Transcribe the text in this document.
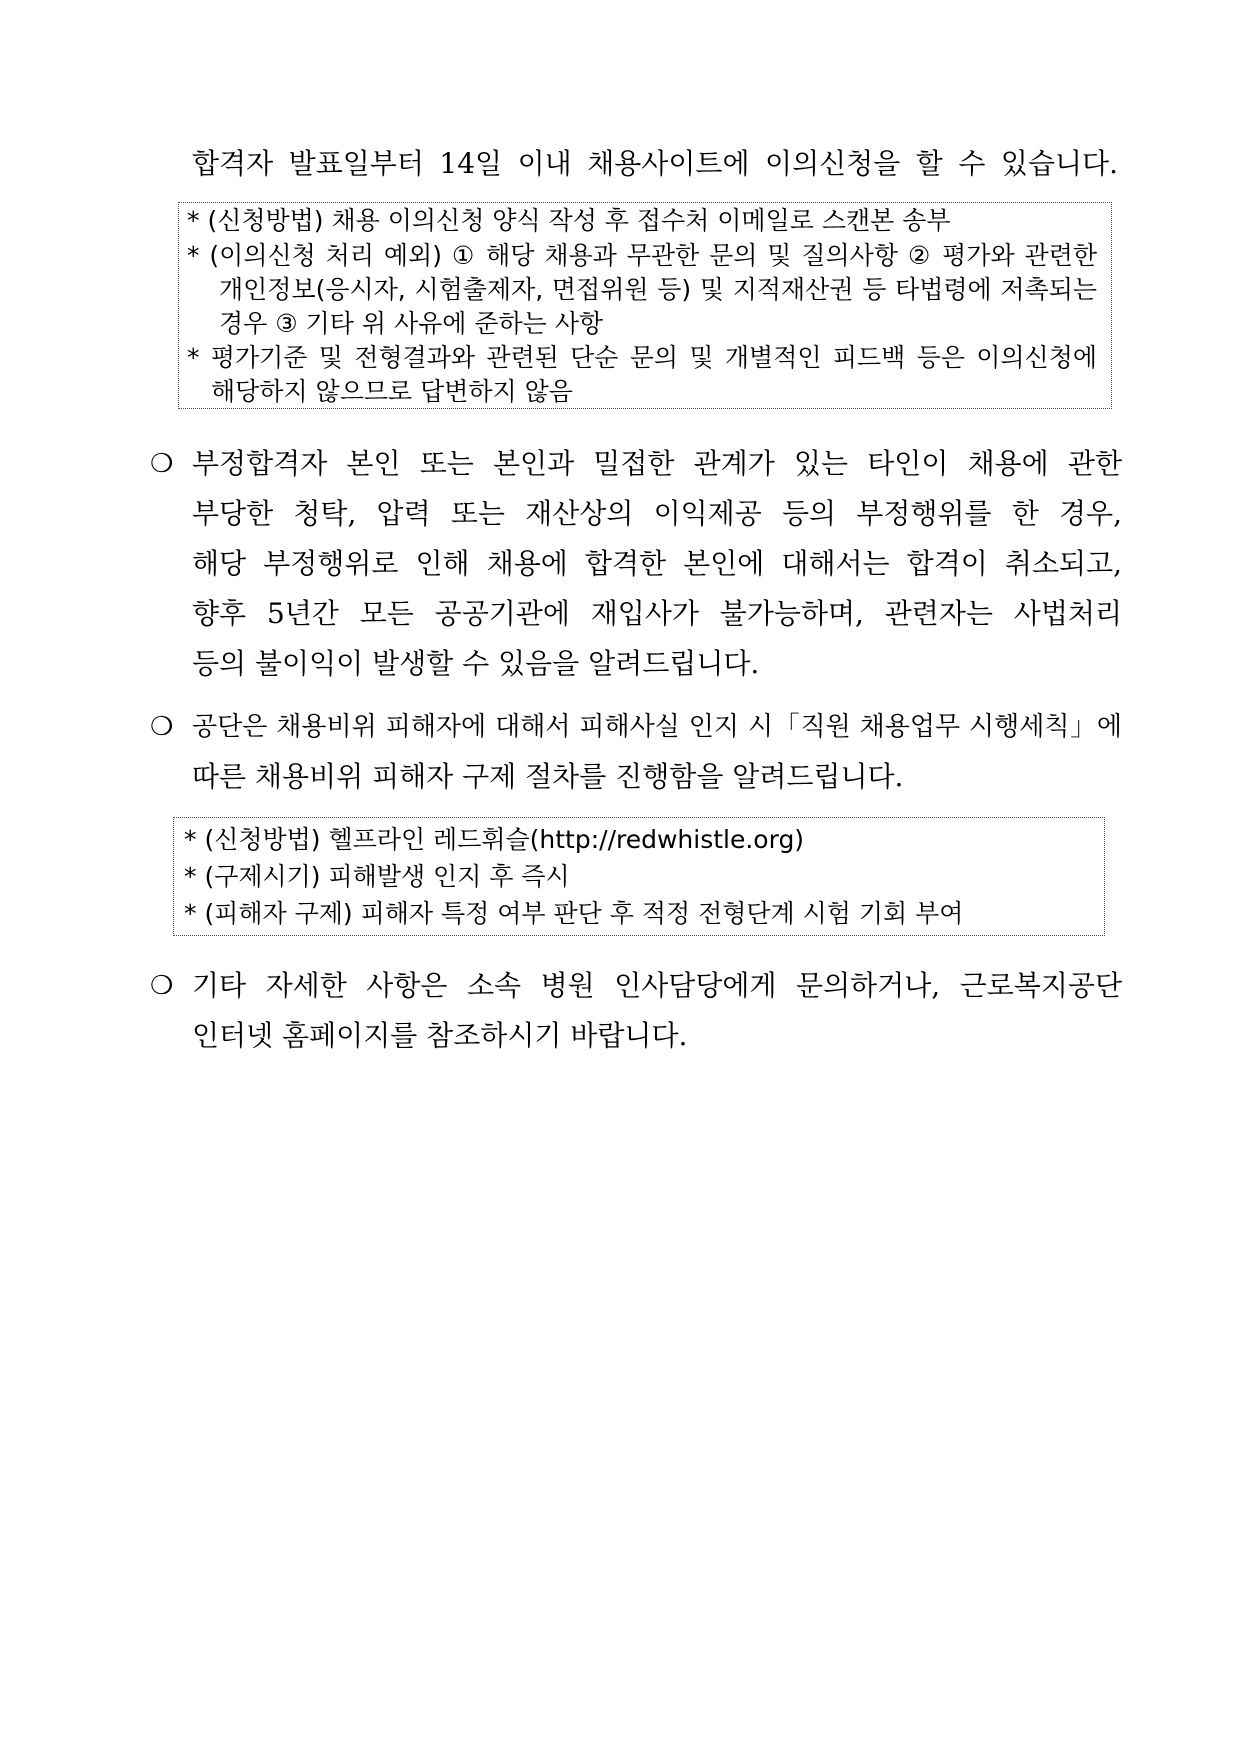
합격자 발표일부터 14일 이내 채용사이트에 이의신청을 할 수 있습니다.
* (신청방법) 채용 이의신청 양식 작성 후 접수처 이메일로 스캔본 송부
* (이의신청 처리 예외) ① 해당 채용과 무관한 문의 및 질의사항 ② 평가와 관련한
개인정보(응시자, 시험출제자, 면접위원 등) 및 지적재산권 등 타법령에 저촉되는
경우 ③ 기타 위 사유에 준하는 사항
* 평가기준 및 전형결과와 관련된 단순 문의 및 개별적인 피드백 등은 이의신청에
해당하지 않으므로 답변하지 않음
❍ 부정합격자 본인 또는 본인과 밀접한 관계가 있는 타인이 채용에 관한
부당한 청탁, 압력 또는 재산상의 이익제공 등의 부정행위를 한 경우,
해당 부정행위로 인해 채용에 합격한 본인에 대해서는 합격이 취소되고,
향후 5년간 모든 공공기관에 재입사가 불가능하며, 관련자는 사법처리
등의 불이익이 발생할 수 있음을 알려드립니다.
❍ 공단은 채용비위 피해자에 대해서 피해사실 인지 시「직원 채용업무 시행세칙」에
따른 채용비위 피해자 구제 절차를 진행함을 알려드립니다.
* (신청방법) 헬프라인 레드휘슬(http://redwhistle.org)
* (구제시기) 피해발생 인지 후 즉시
* (피해자 구제) 피해자 특정 여부 판단 후 적정 전형단계 시험 기회 부여
❍ 기타 자세한 사항은 소속 병원 인사담당에게 문의하거나, 근로복지공단
인터넷 홈페이지를 참조하시기 바랍니다.
